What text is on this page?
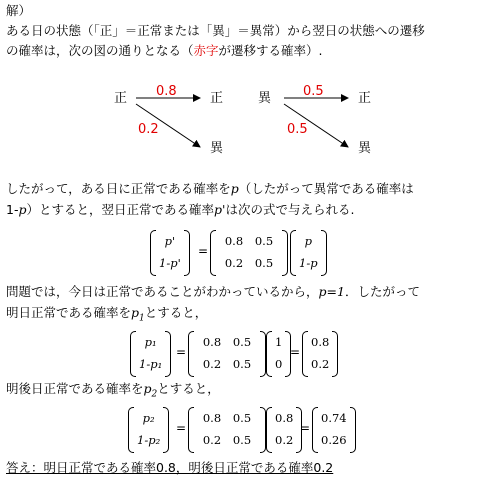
解）
ある日の状態（「正」＝正常または「異」＝異常）から翌日の状態への遷移
の確率は，次の図の通りとなる（赤字が遷移する確率）.
正	正
異
0.8
0.2
異	正
異
0.5
0.5
したがって，ある日に正常である確率をp（したがって異常である確率は
1-p）とすると，翌日正常である確率p'は次の式で与えられる.
p'
1-p'
=
0.8	0.5
0.2	0.5
p
1-p
問題では，今日は正常であることがわかっているから，p=1．したがって
明日正常である確率を$p_1$とすると，
p₁
1-p₁
=
0.8	0.5
0.2	0.5
1
0
=
0.8
0.2
明後日正常である確率を$p_2$とすると，
p₂
1-p₂
=
0.8	0.5
0.2	0.5
0.8
0.2
=
0.74
0.26
答え：明日正常である確率0.8，明後日正常である確率0.2
